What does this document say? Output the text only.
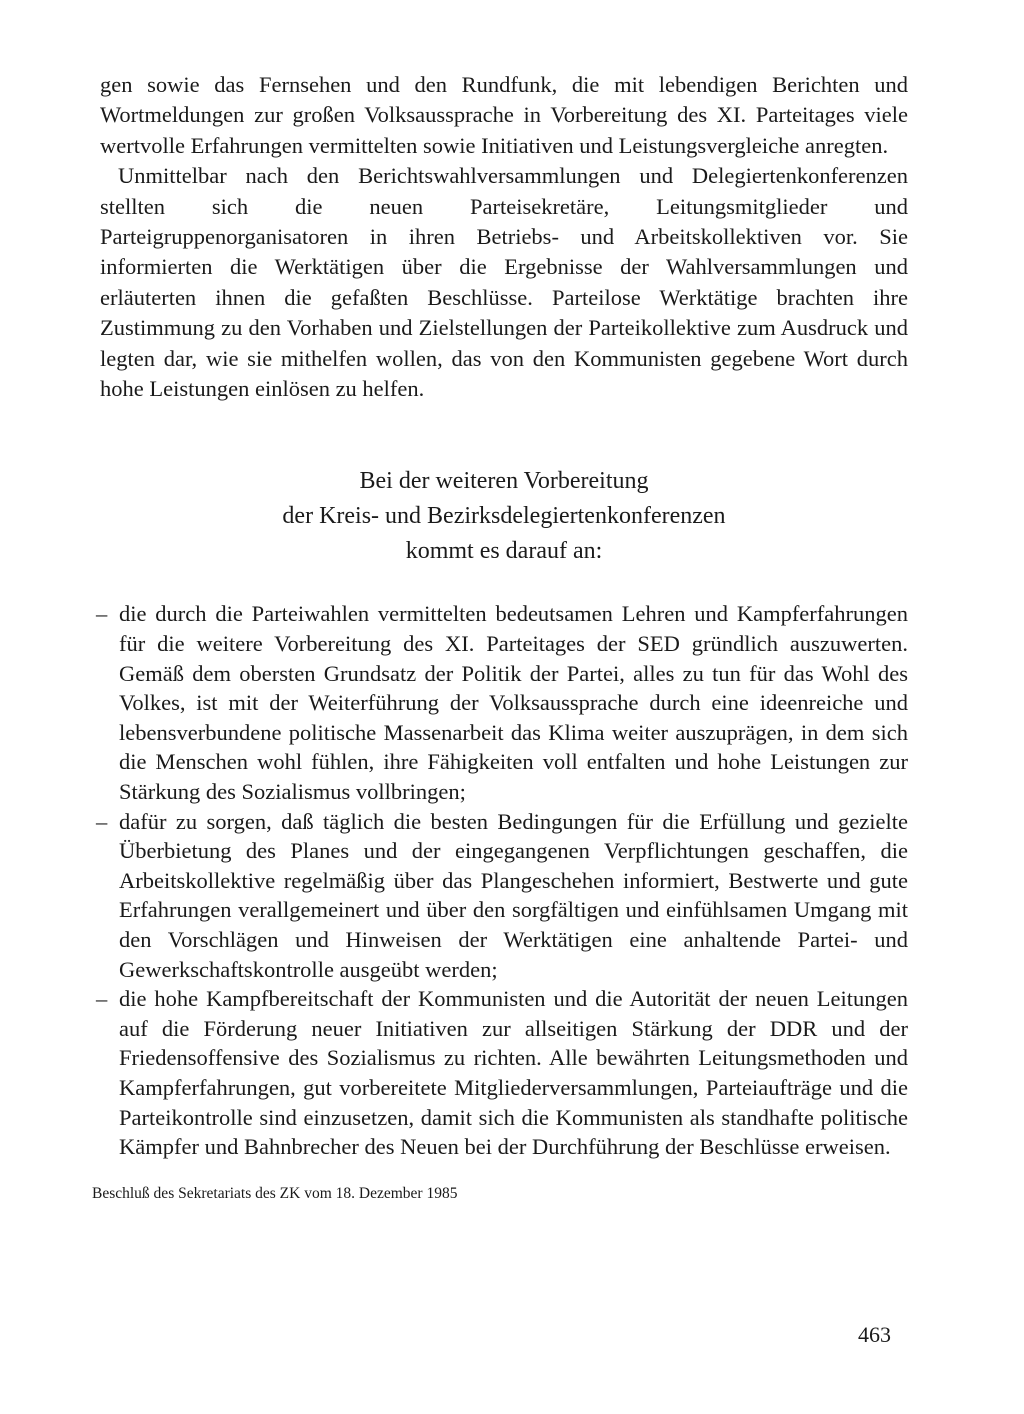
gen sowie das Fernsehen und den Rundfunk, die mit lebendigen Berichten und Wortmeldungen zur großen Volksaussprache in Vorbereitung des XI. Parteitages viele wertvolle Erfahrungen vermittelten sowie Initiativen und Leistungsvergleiche anregten.

Unmittelbar nach den Berichtswahlversammlungen und Delegiertenkonferenzen stellten sich die neuen Parteisekretäre, Leitungsmitglieder und Parteigruppenorganisatoren in ihren Betriebs- und Arbeitskollektiven vor. Sie informierten die Werktätigen über die Ergebnisse der Wahlversammlungen und erläuterten ihnen die gefaßten Beschlüsse. Parteilose Werktätige brachten ihre Zustimmung zu den Vorhaben und Zielstellungen der Parteikollektive zum Ausdruck und legten dar, wie sie mithelfen wollen, das von den Kommunisten gegebene Wort durch hohe Leistungen einlösen zu helfen.

Bei der weiteren Vorbereitung
der Kreis- und Bezirksdelegiertenkonferenzen
kommt es darauf an:
– die durch die Parteiwahlen vermittelten bedeutsamen Lehren und Kampferfahrungen für die weitere Vorbereitung des XI. Parteitages der SED gründlich auszuwerten. Gemäß dem obersten Grundsatz der Politik der Partei, alles zu tun für das Wohl des Volkes, ist mit der Weiterführung der Volksaussprache durch eine ideenreiche und lebensverbundene politische Massenarbeit das Klima weiter auszuprägen, in dem sich die Menschen wohl fühlen, ihre Fähigkeiten voll entfalten und hohe Leistungen zur Stärkung des Sozialismus vollbringen;
– dafür zu sorgen, daß täglich die besten Bedingungen für die Erfüllung und gezielte Überbietung des Planes und der eingegangenen Verpflichtungen geschaffen, die Arbeitskollektive regelmäßig über das Plangeschehen informiert, Bestwerte und gute Erfahrungen verallgemeinert und über den sorgfältigen und einfühlsamen Umgang mit den Vorschlägen und Hinweisen der Werktätigen eine anhaltende Partei- und Gewerkschaftskontrolle ausgeübt werden;
– die hohe Kampfbereitschaft der Kommunisten und die Autorität der neuen Leitungen auf die Förderung neuer Initiativen zur allseitigen Stärkung der DDR und der Friedensoffensive des Sozialismus zu richten. Alle bewährten Leitungsmethoden und Kampferfahrungen, gut vorbereitete Mitgliederversammlungen, Parteiaufträge und die Parteikontrolle sind einzusetzen, damit sich die Kommunisten als standhafte politische Kämpfer und Bahnbrecher des Neuen bei der Durchführung der Beschlüsse erweisen.
Beschluß des Sekretariats des ZK vom 18. Dezember 1985
463
